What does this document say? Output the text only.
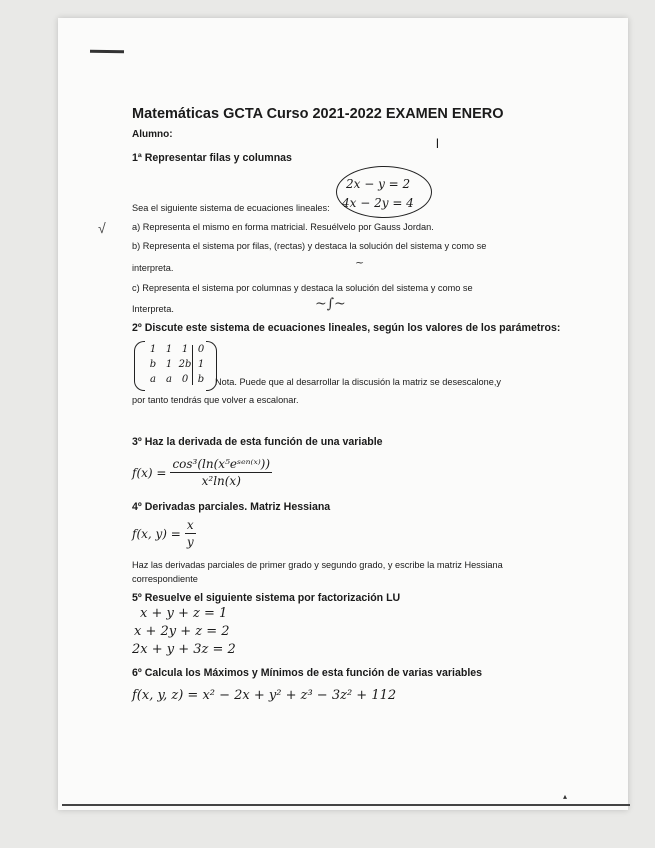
Matemáticas GCTA Curso 2021-2022 EXAMEN ENERO
Alumno:
l
1ª Representar filas y columnas
Sea el siguiente sistema de ecuaciones lineales:
2x − y = 2
4x − 2y = 4
√	a) Representa el mismo en forma matricial. Resuélvelo por Gauss Jordan.
b) Representa el sistema por filas, (rectas) y destaca la solución del sistema y como se
interpreta.	~
c) Representa el sistema por columnas y destaca la solución del sistema y como se
Interpreta.	~∫~
2º Discute este sistema de ecuaciones lineales, según los valores de los parámetros:
1 1 1 0
b 1 2b 1
a	a 0 b	Nota. Puede que al desarrollar la discusión la matriz se desescalone,y
por tanto tendrás que volver a escalonar.
3º Haz la derivada de esta función de una variable
$f(x) = \frac{\text{cos³(ln(x⁵eˢᵉⁿ⁽ˣ⁾))}}{\text{x²ln(x)}}$
4º Derivadas parciales. Matriz Hessiana
f(x, $y) = \frac{x}{y}$
Haz las derivadas parciales de primer grado y segundo grado, y escribe la matriz Hessiana
correspondiente
5º Resuelve el siguiente sistema por factorización LU
x + y + z = 1
x + 2y + z = 2
2x + y + 3z = 2
6º Calcula los Máximos y Mínimos de esta función de varias variables
f(x, y, z) = x² − 2x + y² + z³ − 3z² + 112
▴
